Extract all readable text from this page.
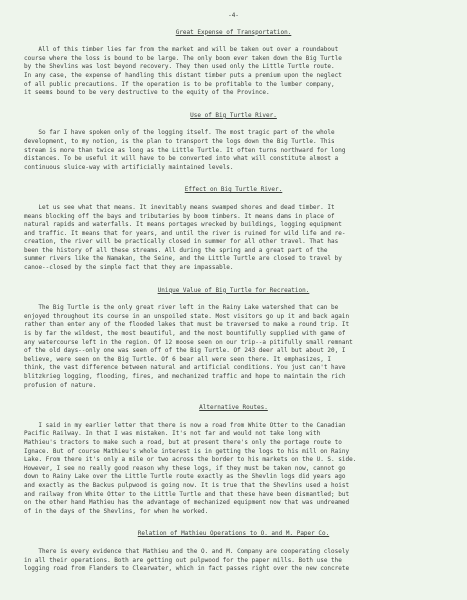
-4-
Great Expense of Transportation.
All of this timber lies far from the market and will be taken out over a roundabout
course where the loss is bound to be large. The only boom ever taken down the Big Turtle
by the Shevlins was lost beyond recovery. They then used only the Little Turtle route.
In any case, the expense of handling this distant timber puts a premium upon the neglect
of all public precautions. If the operation is to be profitable to the lumber company,
it seems bound to be very destructive to the equity of the Province.
Use of Big Turtle River.
So far I have spoken only of the logging itself. The most tragic part of the whole
development, to my notion, is the plan to transport the logs down the Big Turtle. This
stream is more than twice as long as the Little Turtle. It often turns northward for long
distances. To be useful it will have to be converted into what will constitute almost a
continuous sluice-way with artificially maintained levels.
Effect on Big Turtle River.
Let us see what that means. It inevitably means swamped shores and dead timber. It
means blocking off the bays and tributaries by boom timbers. It means dams in place of
natural rapids and waterfalls. It means portages wrecked by buildings, logging equipment
and traffic. It means that for years, and until the river is ruined for wild life and re-
creation, the river will be practically closed in summer for all other travel. That has
been the history of all these streams. All during the spring and a great part of the
summer rivers like the Namakan, the Seine, and the Little Turtle are closed to travel by
canoe--closed by the simple fact that they are impassable.
Unique Value of Big Turtle for Recreation.
The Big Turtle is the only great river left in the Rainy Lake watershed that can be
enjoyed throughout its course in an unspoiled state. Most visitors go up it and back again
rather than enter any of the flooded lakes that must be traversed to make a round trip. It
is by far the wildest, the most beautiful, and the most bountifully supplied with game of
any watercourse left in the region. Of 12 moose seen on our trip--a pitifully small remnant
of the old days--only one was seen off of the Big Turtle. Of 243 deer all but about 20, I
believe, were seen on the Big Turtle. Of 6 bear all were seen there. It emphasizes, I
think, the vast difference between natural and artificial conditions. You just can't have
blitzkrieg logging, flooding, fires, and mechanized traffic and hope to maintain the rich
profusion of nature.
Alternative Routes.
I said in my earlier letter that there is now a road from White Otter to the Canadian
Pacific Railway. In that I was mistaken. It's not far and would not take long with
Mathieu's tractors to make such a road, but at present there's only the portage route to
Ignace. But of course Mathieu's whole interest is in getting the logs to his mill on Rainy
Lake. From there it's only a mile or two across the border to his markets on the U. S. side.
However, I see no really good reason why these logs, if they must be taken now, cannot go
down to Rainy Lake over the Little Turtle route exactly as the Shevlin logs did years ago
and exactly as the Backus pulpwood is going now. It is true that the Shevlins used a hoist
and railway from White Otter to the Little Turtle and that these have been dismantled; but
on the other hand Mathieu has the advantage of mechanized equipment now that was undreamed
of in the days of the Shevlins, for when he worked.
Relation of Mathieu Operations to O. and M. Paper Co.
There is every evidence that Mathieu and the O. and M. Company are cooperating closely
in all their operations. Both are getting out pulpwood for the paper mills. Both use the
logging road from Flanders to Clearwater, which in fact passes right over the new concrete
